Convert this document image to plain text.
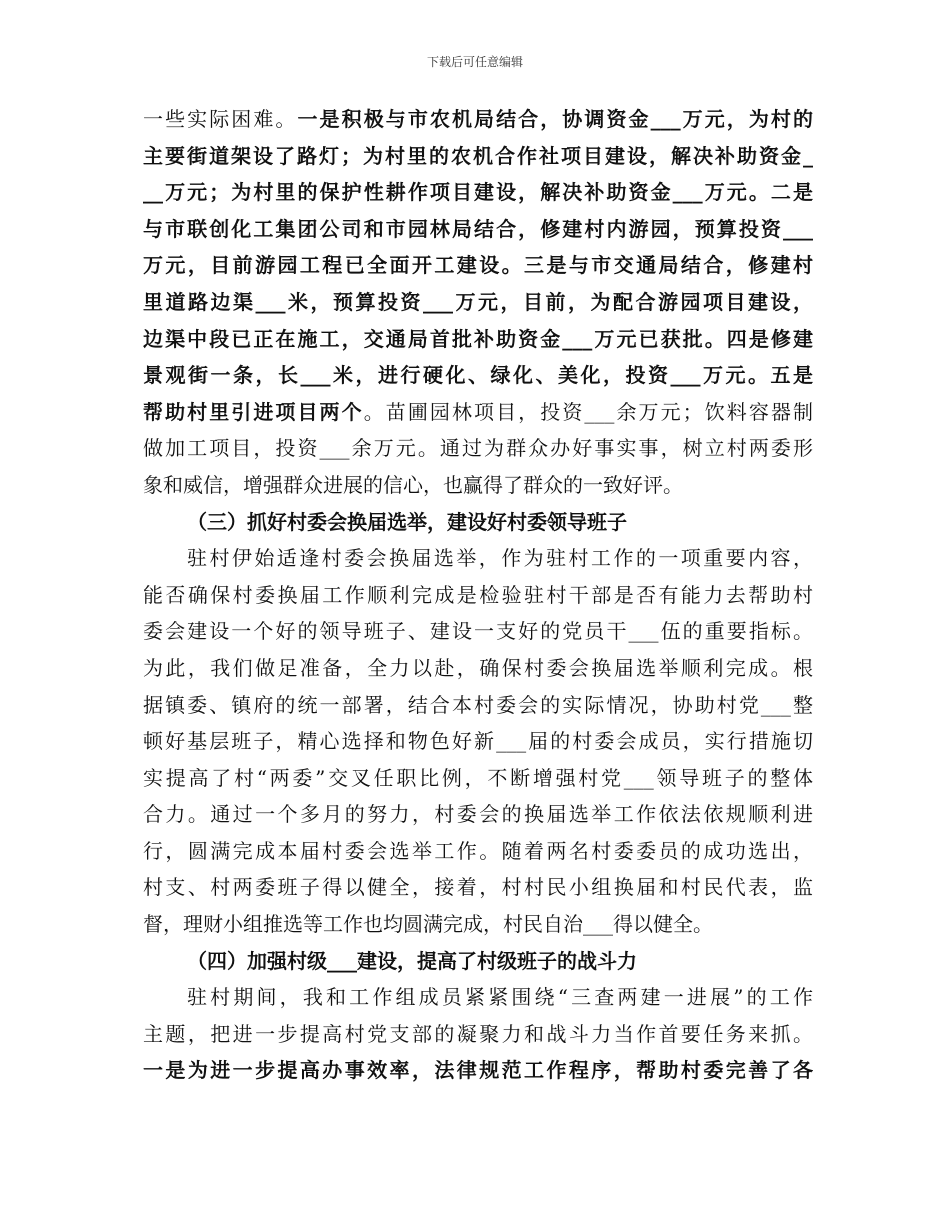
下载后可任意编辑
一些实际困难。一是积极与市农机局结合，协调资金___万元，为村的
主要街道架设了路灯；为村里的农机合作社项目建设，解决补助资金_
__万元；为村里的保护性耕作项目建设，解决补助资金___万元。二是
与市联创化工集团公司和市园林局结合，修建村内游园，预算投资___
万元，目前游园工程已全面开工建设。三是与市交通局结合，修建村
里道路边渠___米，预算投资___万元，目前，为配合游园项目建设，
边渠中段已正在施工，交通局首批补助资金___万元已获批。四是修建
景观街一条，长___米，进行硬化、绿化、美化，投资___万元。五是
帮助村里引进项目两个。苗圃园林项目，投资___余万元；饮料容器制
做加工项目，投资___余万元。通过为群众办好事实事，树立村两委形
象和威信，增强群众进展的信心，也赢得了群众的一致好评。
（三）抓好村委会换届选举，建设好村委领导班子
驻村伊始适逢村委会换届选举，作为驻村工作的一项重要内容，
能否确保村委换届工作顺利完成是检验驻村干部是否有能力去帮助村
委会建设一个好的领导班子、建设一支好的党员干___伍的重要指标。
为此，我们做足准备，全力以赴，确保村委会换届选举顺利完成。根
据镇委、镇府的统一部署，结合本村委会的实际情况，协助村党___整
顿好基层班子，精心选择和物色好新___届的村委会成员，实行措施切
实提高了村“两委”交叉任职比例，不断增强村党___领导班子的整体
合力。通过一个多月的努力，村委会的换届选举工作依法依规顺利进
行，圆满完成本届村委会选举工作。随着两名村委委员的成功选出，
村支、村两委班子得以健全，接着，村村民小组换届和村民代表，监
督，理财小组推选等工作也均圆满完成，村民自治___得以健全。
（四）加强村级___建设，提高了村级班子的战斗力
驻村期间，我和工作组成员紧紧围绕“三查两建一进展”的工作
主题，把进一步提高村党支部的凝聚力和战斗力当作首要任务来抓。
一是为进一步提高办事效率，法律规范工作程序，帮助村委完善了各
